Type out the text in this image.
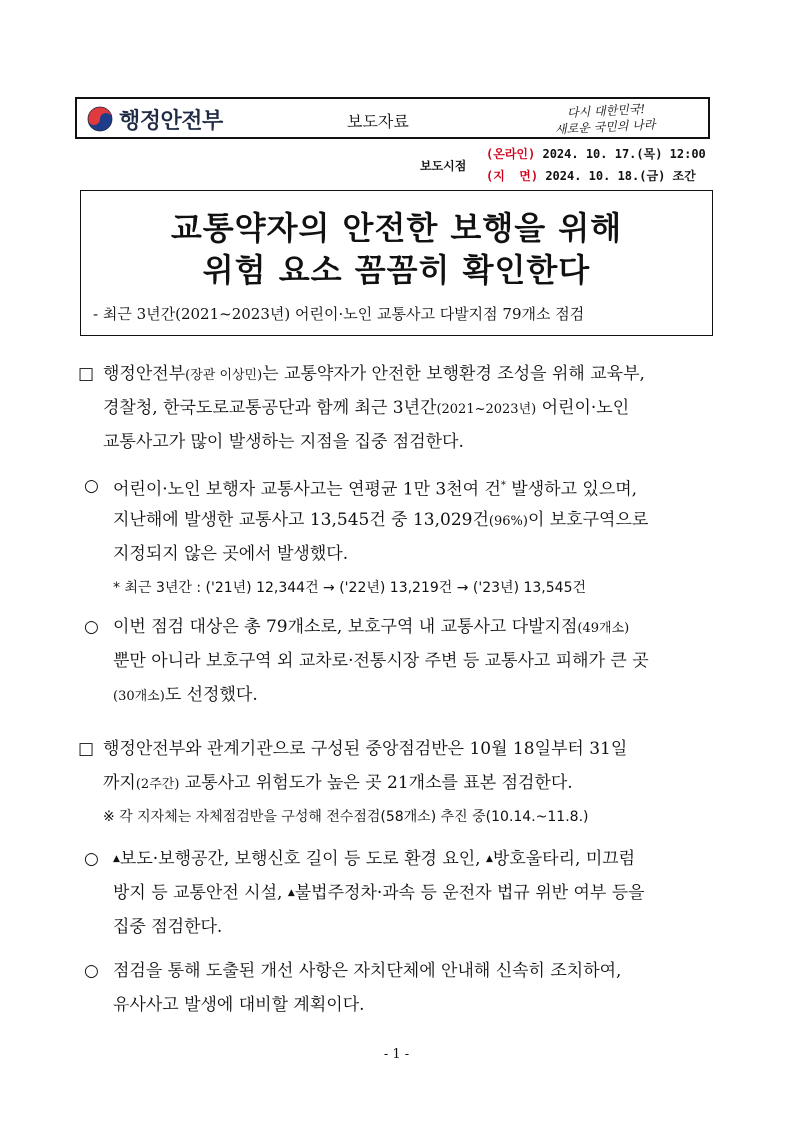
행정안전부	보도자료
다시 대한민국!
새로운 국민의 나라
보도시점
(온라인) 2024. 10. 17.(목) 12:00
(지  면) 2024. 10. 18.(금) 조간
교통약자의 안전한 보행을 위해
위험 요소 꼼꼼히 확인한다
- 최근 3년간(2021~2023년) 어린이·노인 교통사고 다발지점 79개소 점검
□ 행정안전부(장관 이상민)는 교통약자가 안전한 보행환경 조성을 위해 교육부,
경찰청, 한국도로교통공단과 함께 최근 3년간(2021~2023년) 어린이·노인
교통사고가 많이 발생하는 지점을 집중 점검한다.
○ 어린이·노인 보행자 교통사고는 연평균 1만 3천여 건* 발생하고 있으며,
지난해에 발생한 교통사고 13,545건 중 13,029건(96%)이 보호구역으로
지정되지 않은 곳에서 발생했다.
* 최근 3년간 : ('21년) 12,344건 → ('22년) 13,219건 → ('23년) 13,545건
○ 이번 점검 대상은 총 79개소로, 보호구역 내 교통사고 다발지점(49개소)
뿐만 아니라 보호구역 외 교차로·전통시장 주변 등 교통사고 피해가 큰 곳
(30개소)도 선정했다.
□ 행정안전부와 관계기관으로 구성된 중앙점검반은 10월 18일부터 31일
까지(2주간) 교통사고 위험도가 높은 곳 21개소를 표본 점검한다.
※ 각 지자체는 자체점검반을 구성해 전수점검(58개소) 추진 중(10.14.~11.8.)
○ ▲보도·보행공간, 보행신호 길이 등 도로 환경 요인, ▲방호울타리, 미끄럼
방지 등 교통안전 시설, ▲불법주정차·과속 등 운전자 법규 위반 여부 등을
집중 점검한다.
○ 점검을 통해 도출된 개선 사항은 자치단체에 안내해 신속히 조치하여,
유사사고 발생에 대비할 계획이다.
- 1 -
